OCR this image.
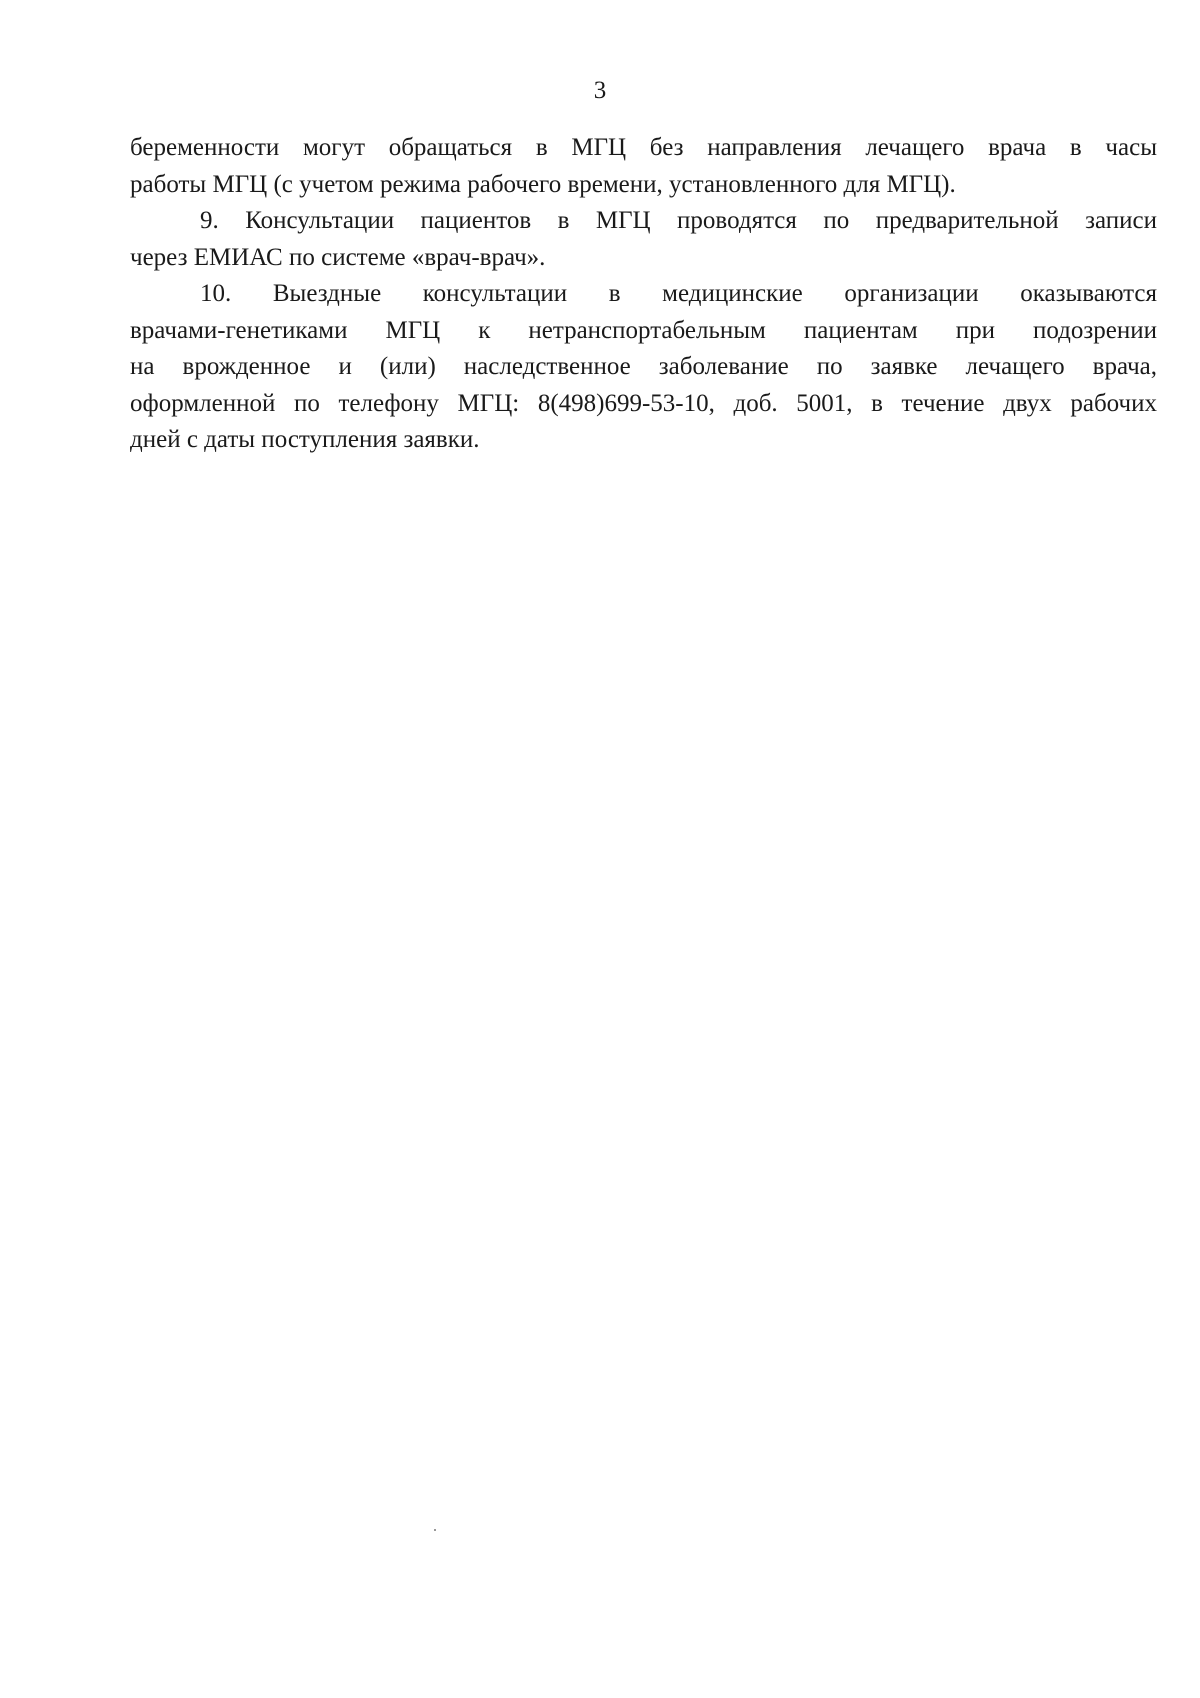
3
беременности могут обращаться в МГЦ без направления лечащего врача в часы
работы МГЦ (с учетом режима рабочего времени, установленного для МГЦ).
9. Консультации пациентов в МГЦ проводятся по предварительной записи
через ЕМИАС по системе «врач-врач».
10. Выездные консультации в медицинские организации оказываются
врачами-генетиками МГЦ к нетранспортабельным пациентам при подозрении
на врожденное и (или) наследственное заболевание по заявке лечащего врача,
оформленной по телефону МГЦ: 8(498)699-53-10, доб. 5001, в течение двух рабочих
дней с даты поступления заявки.
